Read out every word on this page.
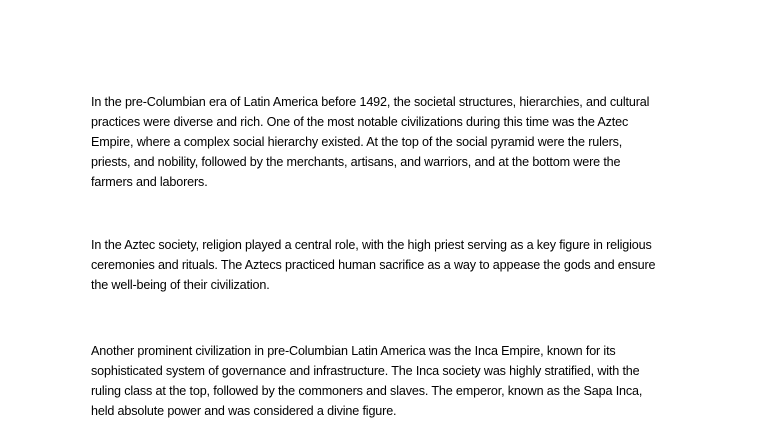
In the pre-Columbian era of Latin America before 1492, the societal structures, hierarchies, and cultural
practices were diverse and rich. One of the most notable civilizations during this time was the Aztec
Empire, where a complex social hierarchy existed. At the top of the social pyramid were the rulers,
priests, and nobility, followed by the merchants, artisans, and warriors, and at the bottom were the
farmers and laborers.

In the Aztec society, religion played a central role, with the high priest serving as a key figure in religious
ceremonies and rituals. The Aztecs practiced human sacrifice as a way to appease the gods and ensure
the well-being of their civilization.

Another prominent civilization in pre-Columbian Latin America was the Inca Empire, known for its
sophisticated system of governance and infrastructure. The Inca society was highly stratified, with the
ruling class at the top, followed by the commoners and slaves. The emperor, known as the Sapa Inca,
held absolute power and was considered a divine figure.
